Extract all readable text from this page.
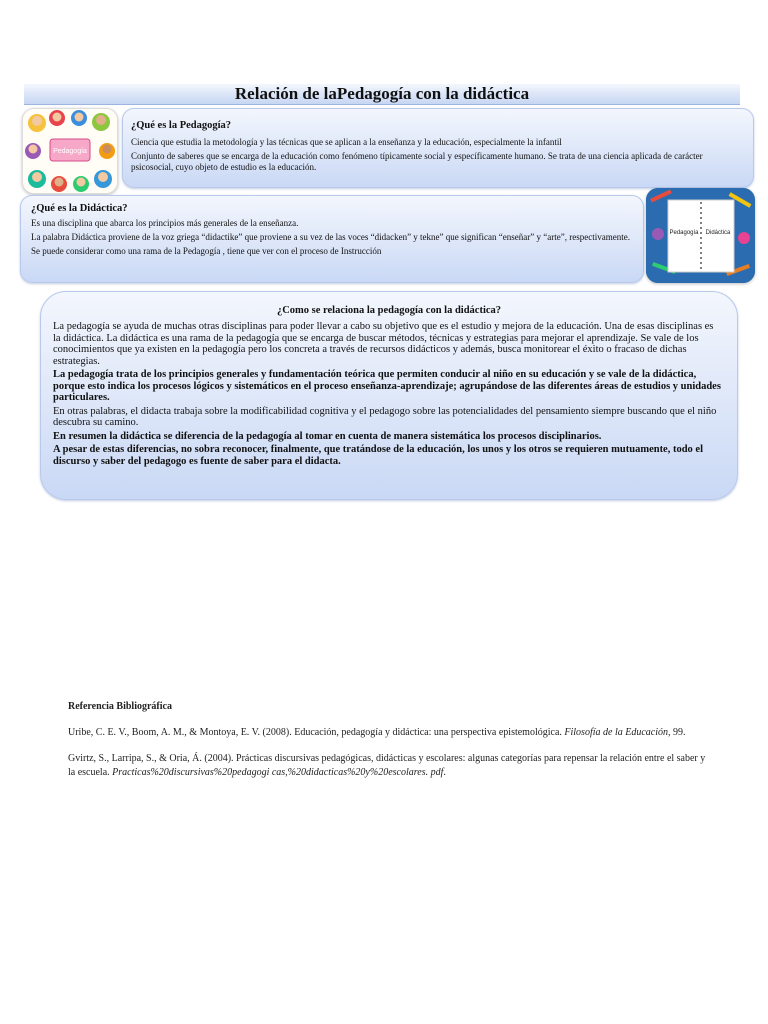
Relación de laPedagogía con la didáctica
Pedagogía

¿Qué es la Pedagogía?

Ciencia que estudia la metodología y las técnicas que se aplican a la enseñanza y la educación, especialmente la infantil

Conjunto de saberes que se encarga de la educación como fenómeno típicamente social y específicamente humano. Se trata de una ciencia aplicada de carácter psicosocial, cuyo objeto de estudio es la educación.

¿Qué es la Didáctica?

Es una disciplina que abarca los principios más generales de la enseñanza.

La palabra Didáctica proviene de la voz griega “didactike” que proviene a su vez de las voces “didacken” y tekne” que significan “enseñar” y “arte”, respectivamente.

Se puede considerar como una rama de la Pedagogía , tiene que ver con el proceso de Instrucción

Pedagogía Didáctica

¿Como se relaciona la pedagogía con la didáctica?

La pedagogía se ayuda de muchas otras disciplinas para poder llevar a cabo su objetivo que es el estudio y mejora de la educación. Una de esas disciplinas es la didáctica. La didáctica es una rama de la pedagogía que se encarga de buscar métodos, técnicas y estrategias para mejorar el aprendizaje. Se vale de los conocimientos que ya existen en la pedagogía pero los concreta a través de recursos didácticos y además, busca monitorear el éxito o fracaso de dichas estrategias.

La pedagogía trata de los principios generales y fundamentación teórica que permiten conducir al niño en su educación y se vale de la didáctica, porque esto indica los procesos lógicos y sistemáticos en el proceso enseñanza-aprendizaje; agrupándose de las diferentes áreas de estudios y unidades particulares.

En otras palabras, el didacta trabaja sobre la modificabilidad cognitiva y el pedagogo sobre las potencialidades del pensamiento siempre buscando que el niño descubra su camino.

En resumen la didáctica se diferencia de la pedagogía al tomar en cuenta de manera sistemática los procesos disciplinarios.

A pesar de estas diferencias, no sobra reconocer, finalmente, que tratándose de la educación, los unos y los otros se requieren mutuamente, todo el discurso y saber del pedagogo es fuente de saber para el didacta.

Referencia Bibliográfica

Uribe, C. E. V., Boom, A. M., & Montoya, E. V. (2008). Educación, pedagogía y didáctica: una perspectiva epistemológica. Filosofía de la Educación, 99.

Gvirtz, S., Larripa, S., & Oria, Á. (2004). Prácticas discursivas pedagógicas, didácticas y escolares: algunas categorías para repensar la relación entre el saber y la escuela. Practicas%20discursivas%20pedagogi cas,%20didacticas%20y%20escolares. pdf.
